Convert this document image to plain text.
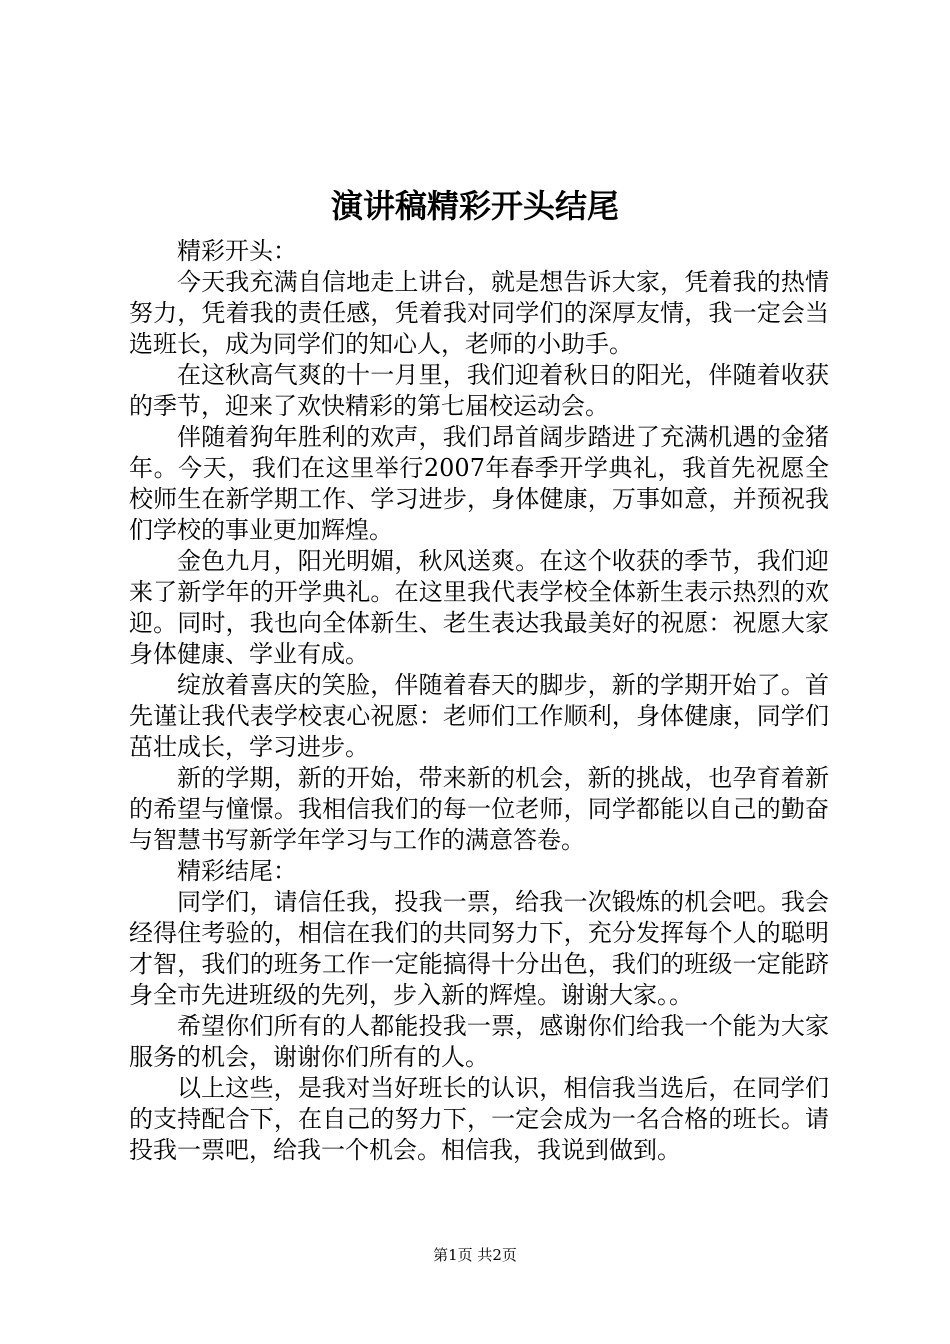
演讲稿精彩开头结尾

精彩开头：

今天我充满自信地走上讲台，就是想告诉大家，凭着我的热情努力，凭着我的责任感，凭着我对同学们的深厚友情，我一定会当选班长，成为同学们的知心人，老师的小助手。

在这秋高气爽的十一月里，我们迎着秋日的阳光，伴随着收获的季节，迎来了欢快精彩的第七届校运动会。

伴随着狗年胜利的欢声，我们昂首阔步踏进了充满机遇的金猪年。今天，我们在这里举行2007年春季开学典礼，我首先祝愿全校师生在新学期工作、学习进步，身体健康，万事如意，并预祝我们学校的事业更加辉煌。

金色九月，阳光明媚，秋风送爽。在这个收获的季节，我们迎来了新学年的开学典礼。在这里我代表学校全体新生表示热烈的欢迎。同时，我也向全体新生、老生表达我最美好的祝愿：祝愿大家身体健康、学业有成。

绽放着喜庆的笑脸，伴随着春天的脚步，新的学期开始了。首先谨让我代表学校衷心祝愿：老师们工作顺利，身体健康，同学们茁壮成长，学习进步。

新的学期，新的开始，带来新的机会，新的挑战，也孕育着新的希望与憧憬。我相信我们的每一位老师，同学都能以自己的勤奋与智慧书写新学年学习与工作的满意答卷。

精彩结尾：

同学们，请信任我，投我一票，给我一次锻炼的机会吧。我会经得住考验的，相信在我们的共同努力下，充分发挥每个人的聪明才智，我们的班务工作一定能搞得十分出色，我们的班级一定能跻身全市先进班级的先列，步入新的辉煌。谢谢大家。。

希望你们所有的人都能投我一票，感谢你们给我一个能为大家服务的机会，谢谢你们所有的人。

以上这些，是我对当好班长的认识，相信我当选后，在同学们的支持配合下，在自己的努力下，一定会成为一名合格的班长。请投我一票吧，给我一个机会。相信我，我说到做到。

第1页 共2页
